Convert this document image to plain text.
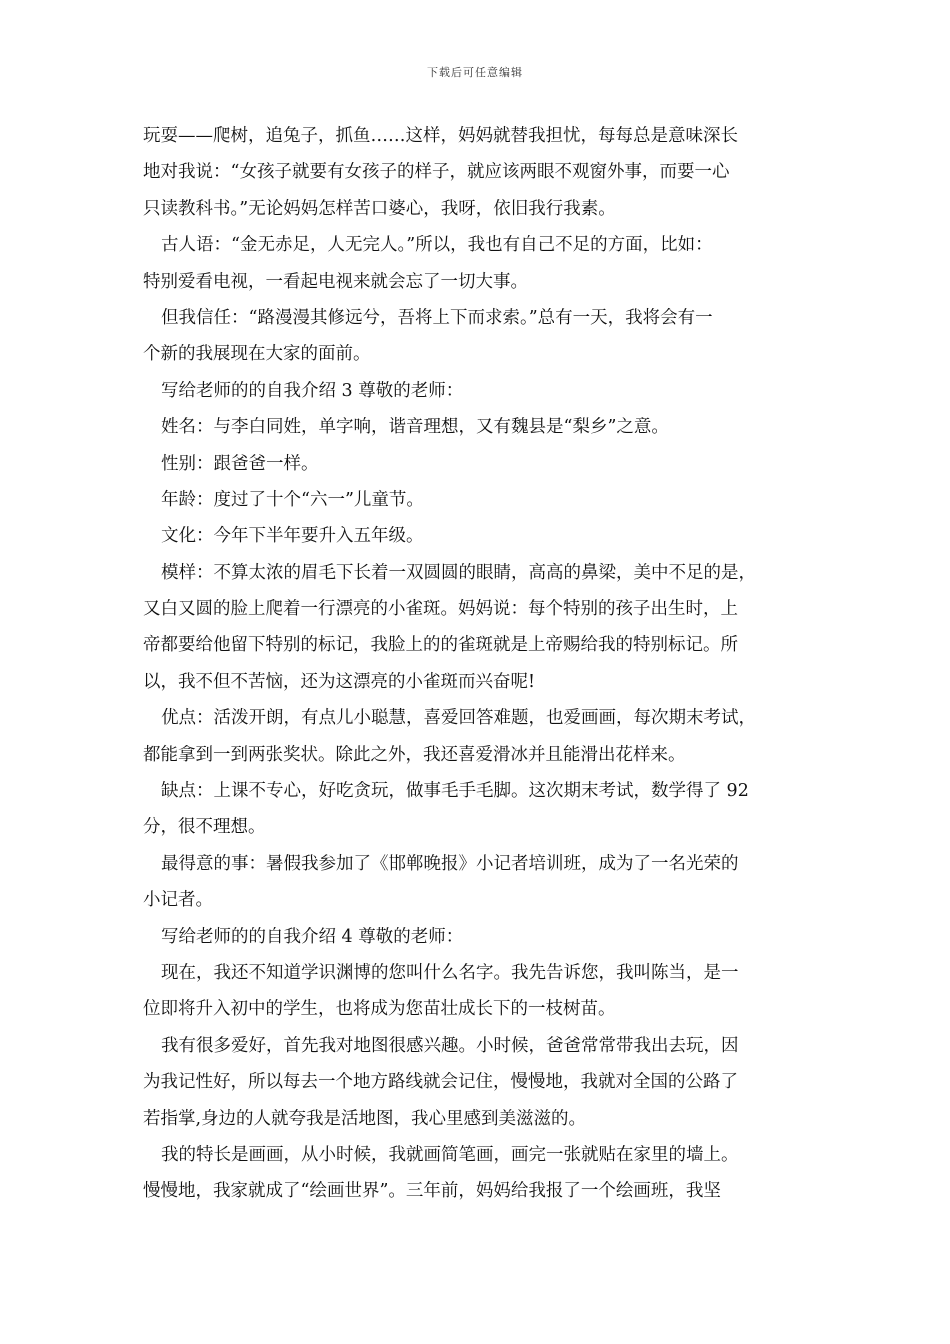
下载后可任意编辑
玩耍——爬树，追兔子，抓鱼……这样，妈妈就替我担忧，每每总是意味深长
地对我说：“女孩子就要有女孩子的样子，就应该两眼不观窗外事，而要一心
只读教科书。”无论妈妈怎样苦口婆心，我呀，依旧我行我素。
古人语：“金无赤足，人无完人。”所以，我也有自己不足的方面，比如：
特别爱看电视，一看起电视来就会忘了一切大事。
但我信任：“路漫漫其修远兮，吾将上下而求索。”总有一天，我将会有一
个新的我展现在大家的面前。
写给老师的的自我介绍 3 尊敬的老师：
姓名：与李白同姓，单字响，谐音理想，又有魏县是“梨乡”之意。
性别：跟爸爸一样。
年龄：度过了十个“六一”儿童节。
文化：今年下半年要升入五年级。
模样：不算太浓的眉毛下长着一双圆圆的眼睛，高高的鼻梁，美中不足的是，
又白又圆的脸上爬着一行漂亮的小雀斑。妈妈说：每个特别的孩子出生时，上
帝都要给他留下特别的标记，我脸上的的雀斑就是上帝赐给我的特别标记。所
以，我不但不苦恼，还为这漂亮的小雀斑而兴奋呢!
优点：活泼开朗，有点儿小聪慧，喜爱回答难题，也爱画画，每次期末考试，
都能拿到一到两张奖状。除此之外，我还喜爱滑冰并且能滑出花样来。
缺点：上课不专心，好吃贪玩，做事毛手毛脚。这次期末考试，数学得了 92
分，很不理想。
最得意的事：暑假我参加了《邯郸晚报》小记者培训班，成为了一名光荣的
小记者。
写给老师的的自我介绍 4 尊敬的老师：
现在，我还不知道学识渊博的您叫什么名字。我先告诉您，我叫陈当，是一
位即将升入初中的学生，也将成为您苗壮成长下的一枝树苗。
我有很多爱好，首先我对地图很感兴趣。小时候，爸爸常常带我出去玩，因
为我记性好，所以每去一个地方路线就会记住，慢慢地，我就对全国的公路了
若指掌,身边的人就夸我是活地图，我心里感到美滋滋的。
我的特长是画画，从小时候，我就画简笔画，画完一张就贴在家里的墙上。
慢慢地，我家就成了“绘画世界”。三年前，妈妈给我报了一个绘画班，我坚
